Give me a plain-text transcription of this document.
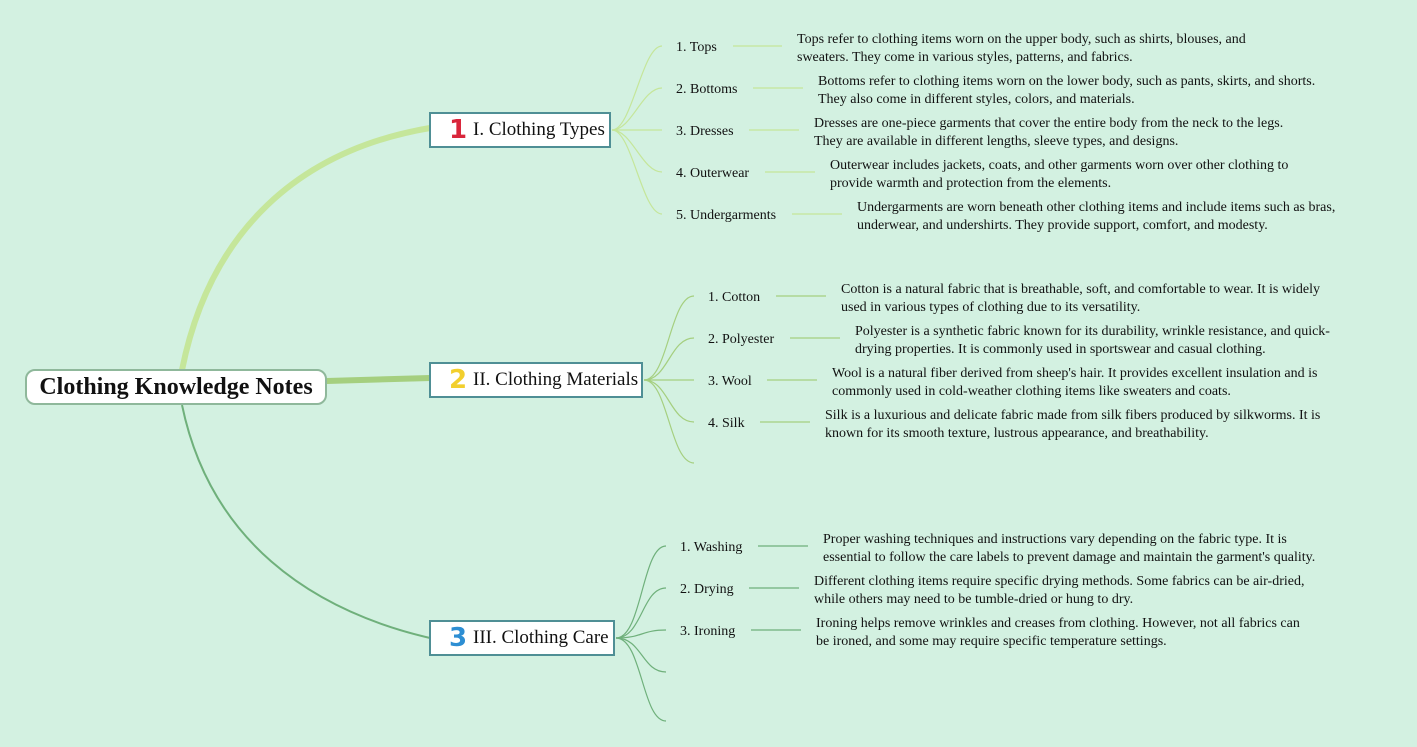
Clothing Knowledge Notes
1 I. Clothing Types
1. Tops
Tops refer to clothing items worn on the upper body, such as shirts, blouses, and sweaters. They come in various styles, patterns, and fabrics.
2. Bottoms
Bottoms refer to clothing items worn on the lower body, such as pants, skirts, and shorts. They also come in different styles, colors, and materials.
3. Dresses
Dresses are one-piece garments that cover the entire body from the neck to the legs. They are available in different lengths, sleeve types, and designs.
4. Outerwear
Outerwear includes jackets, coats, and other garments worn over other clothing to provide warmth and protection from the elements.
5. Undergarments
Undergarments are worn beneath other clothing items and include items such as bras, underwear, and undershirts. They provide support, comfort, and modesty.
2 II. Clothing Materials
1. Cotton
Cotton is a natural fabric that is breathable, soft, and comfortable to wear. It is widely used in various types of clothing due to its versatility.
2. Polyester
Polyester is a synthetic fabric known for its durability, wrinkle resistance, and quick-drying properties. It is commonly used in sportswear and casual clothing.
3. Wool
Wool is a natural fiber derived from sheep's hair. It provides excellent insulation and is commonly used in cold-weather clothing items like sweaters and coats.
4. Silk
Silk is a luxurious and delicate fabric made from silk fibers produced by silkworms. It is known for its smooth texture, lustrous appearance, and breathability.
3 III. Clothing Care
1. Washing
Proper washing techniques and instructions vary depending on the fabric type. It is essential to follow the care labels to prevent damage and maintain the garment's quality.
2. Drying
Different clothing items require specific drying methods. Some fabrics can be air-dried, while others may need to be tumble-dried or hung to dry.
3. Ironing
Ironing helps remove wrinkles and creases from clothing. However, not all fabrics can be ironed, and some may require specific temperature settings.
